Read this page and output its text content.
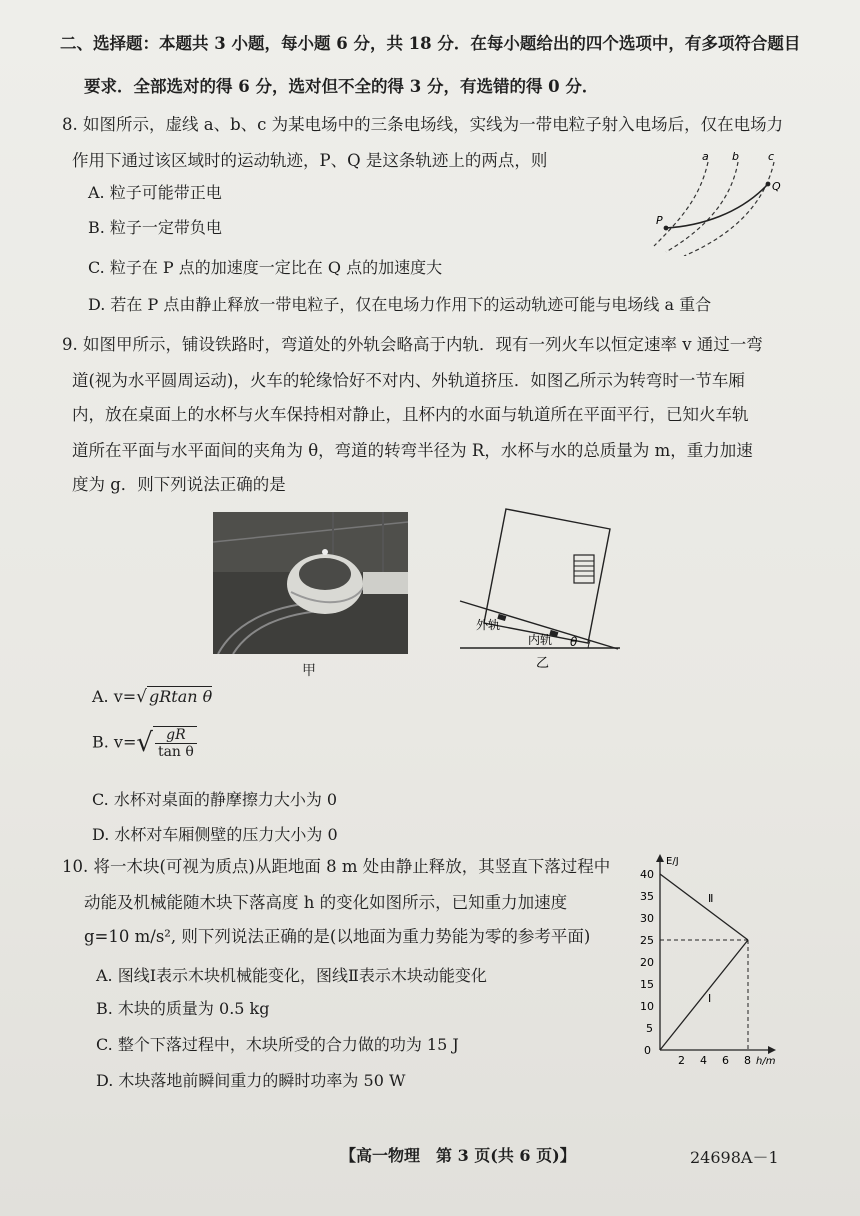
二、选择题：本题共 3 小题，每小题 6 分，共 18 分．在每小题给出的四个选项中，有多项符合题目
要求．全部选对的得 6 分，选对但不全的得 3 分，有选错的得 0 分．
8. 如图所示，虚线 a、b、c 为某电场中的三条电场线，实线为一带电粒子射入电场后，仅在电场力
作用下通过该区域时的运动轨迹，P、Q 是这条轨迹上的两点，则
A. 粒子可能带正电
B. 粒子一定带负电
C. 粒子在 P 点的加速度一定比在 Q 点的加速度大
D. 若在 P 点由静止释放一带电粒子，仅在电场力作用下的运动轨迹可能与电场线 a 重合
a b	c
P
Q
9. 如图甲所示，铺设铁路时，弯道处的外轨会略高于内轨．现有一列火车以恒定速率 v 通过一弯
道(视为水平圆周运动)，火车的轮缘恰好不对内、外轨道挤压．如图乙所示为转弯时一节车厢
内，放在桌面上的水杯与火车保持相对静止，且杯内的水面与轨道所在平面平行，已知火车轨
道所在平面与水平面间的夹角为 θ，弯道的转弯半径为 R，水杯与水的总质量为 m，重力加速
度为 g．则下列说法正确的是
甲
外轨
内轨 θ
乙
A. v=√ gRtan θ
B. $v=√ \frac{gR}{\text{tan θ}}$
C. 水杯对桌面的静摩擦力大小为 0
D. 水杯对车厢侧壁的压力大小为 0
10. 将一木块(可视为质点)从距地面 8 m 处由静止释放，其竖直下落过程中
动能及机械能随木块下落高度 h 的变化如图所示，已知重力加速度
g=10 m/s², 则下列说法正确的是(以地面为重力势能为零的参考平面)
A. 图线Ⅰ表示木块机械能变化，图线Ⅱ表示木块动能变化
B. 木块的质量为 0.5 kg
C. 整个下落过程中，木块所受的合力做的功为 15 J
D. 木块落地前瞬间重力的瞬时功率为 50 W
E/J
h/m
0
40
35
30
25
20
15
10
5
2 4 6 8
Ⅱ
Ⅰ
【高一物理　第 3 页(共 6 页)】	24698A－1
